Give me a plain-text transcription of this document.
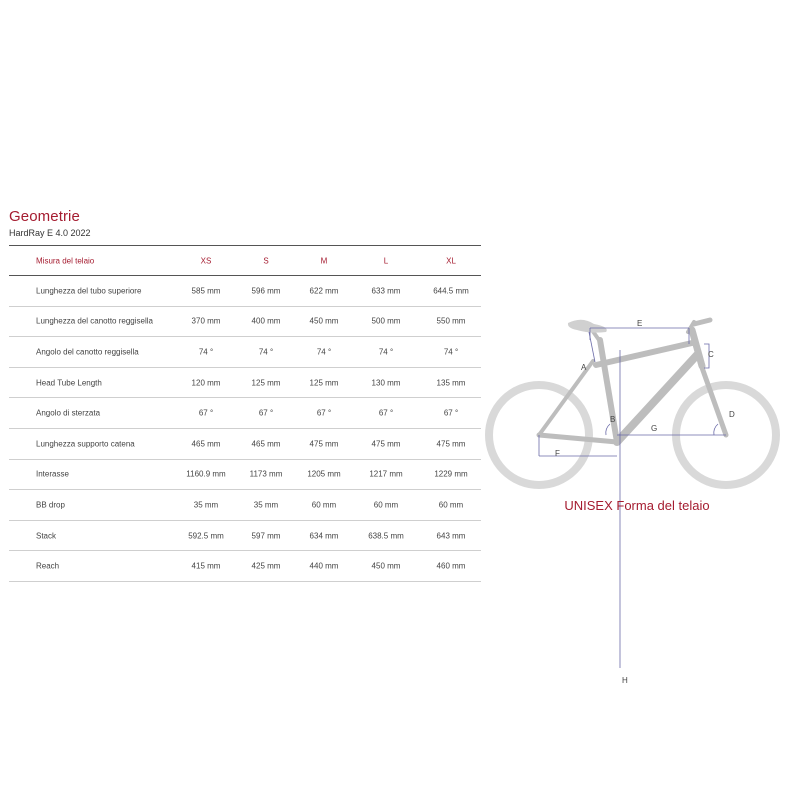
Geometrie
HardRay E 4.0 2022
Misura del telaio	XS	S	M	L	XL
Lunghezza del tubo superiore	585 mm	596 mm	622 mm	633 mm	644.5 mm
Lunghezza del canotto reggisella	370 mm	400 mm	450 mm	500 mm	550 mm
Angolo del canotto reggisella	74 °	74 °	74 °	74 °	74 °
Head Tube Length	120 mm	125 mm	125 mm	130 mm	135 mm
Angolo di sterzata	67 °	67 °	67 °	67 °	67 °
Lunghezza supporto catena	465 mm	465 mm	475 mm	475 mm	475 mm
Interasse	1160.9 mm	1173 mm	1205 mm	1217 mm	1229 mm
BB drop	35 mm	35 mm	60 mm	60 mm	60 mm
Stack	592.5 mm	597 mm	634 mm	638.5 mm	643 mm
Reach	415 mm	425 mm	440 mm	450 mm	460 mm
E
A
C
B
D
G
F
H
UNISEX Forma del telaio
